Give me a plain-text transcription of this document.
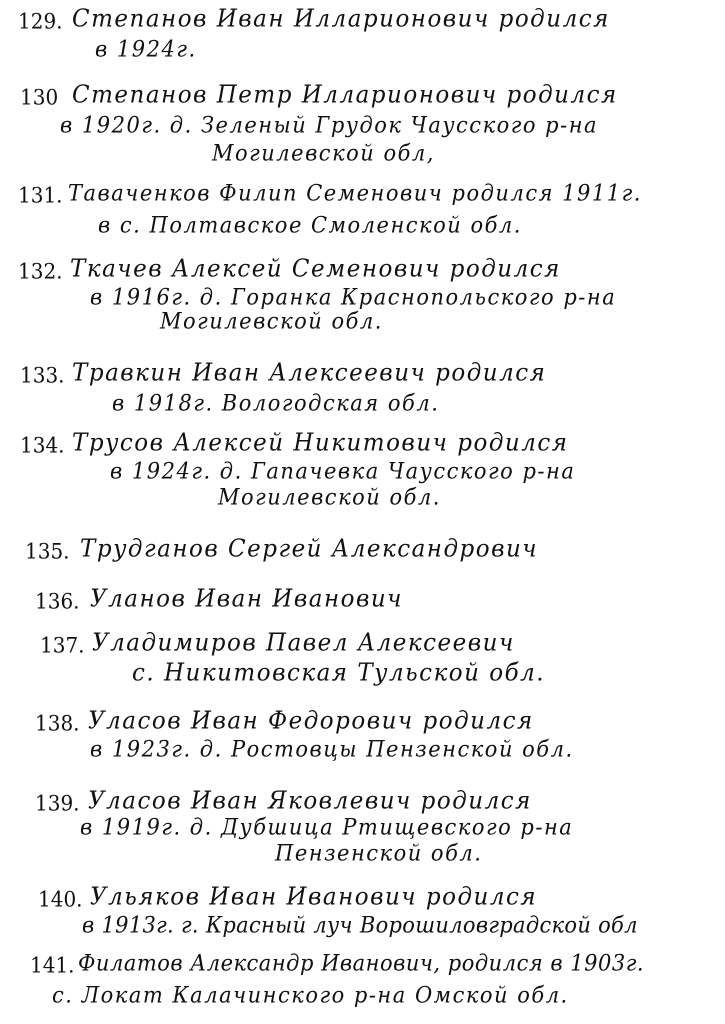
129. Степанов Иван Илларионович родился
в 1924г.
130 Степанов Петр Илларионович родился
в 1920г. д. Зеленый Грудок Чаусского р-на
Могилевской обл,
131. Таваченков Филип Семенович родился 1911г.
в с. Полтавское Смоленской обл.
132. Ткачев Алексей Семенович родился
в 1916г. д. Горанка Краснопольского р-на
Могилевской обл.
133. Травкин Иван Алексеевич родился
в 1918г. Вологодская обл.
134. Трусов Алексей Никитович родился
в 1924г. д. Гапачевка Чаусского р-на
Могилевской обл.
135. Трудганов Сергей Александрович
136. Уланов Иван Иванович
137. Уладимиров Павел Алексеевич
с. Никитовская Тульской обл.
138. Уласов Иван Федорович родился
в 1923г. д. Ростовцы Пензенской обл.
139. Уласов Иван Яковлевич родился
в 1919г. д. Дубшица Ртищевского р-на
Пензенской обл.
140. Ульяков Иван Иванович родился
в 1913г. г. Красный луч Ворошиловградской обл
141. Филатов Александр Иванович, родился в 1903г.
с. Локат Калачинского р-на Омской обл.
